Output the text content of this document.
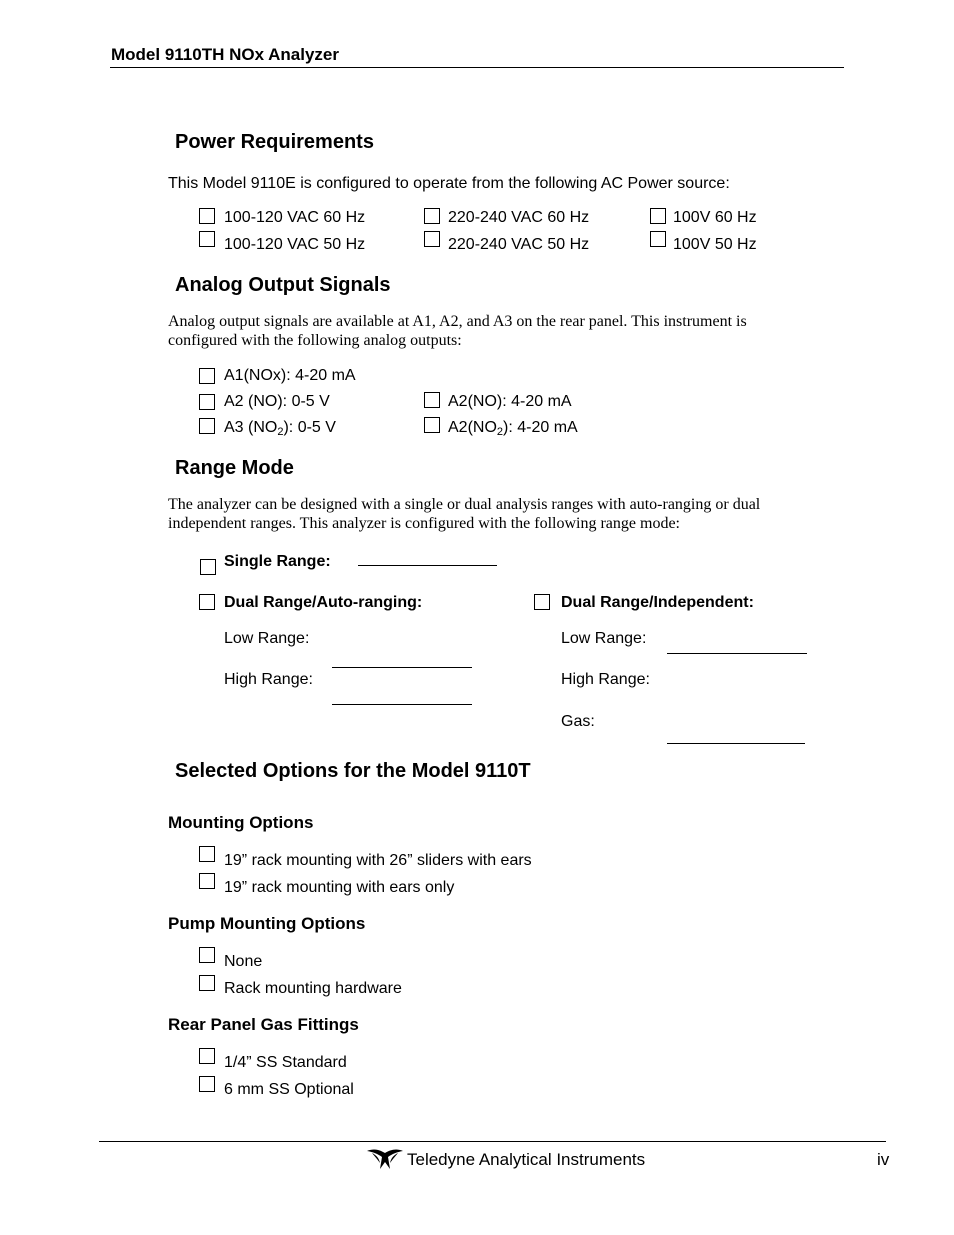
Model 9110TH NOx Analyzer
Power Requirements
This Model 9110E is configured to operate from the following AC Power source:
100-120 VAC 60 Hz	220-240 VAC 60 Hz	100V 60 Hz
100-120 VAC 50 Hz	220-240 VAC 50 Hz	100V 50 Hz
Analog Output Signals
Analog output signals are available at A1, A2, and A3 on the rear panel. This instrument is configured with the following analog outputs:
A1(NOx): 4-20 mA
A2 (NO): 0-5 V	A2(NO): 4-20 mA
A3 $(NO_2)$: 0-5 V	$A2(NO_2)$: 4-20 mA
Range Mode
The analyzer can be designed with a single or dual analysis ranges with auto-ranging or dual independent ranges. This analyzer is configured with the following range mode:
Single Range:
Dual Range/Auto-ranging:	Dual Range/Independent:
Low Range:
High Range:
Low Range:
High Range:
Gas:
Selected Options for the Model 9110T
Mounting Options
19” rack mounting with 26” sliders with ears
19” rack mounting with ears only
Pump Mounting Options
None
Rack mounting hardware
Rear Panel Gas Fittings
1/4” SS Standard
6 mm SS Optional
Teledyne Analytical Instruments	iv
